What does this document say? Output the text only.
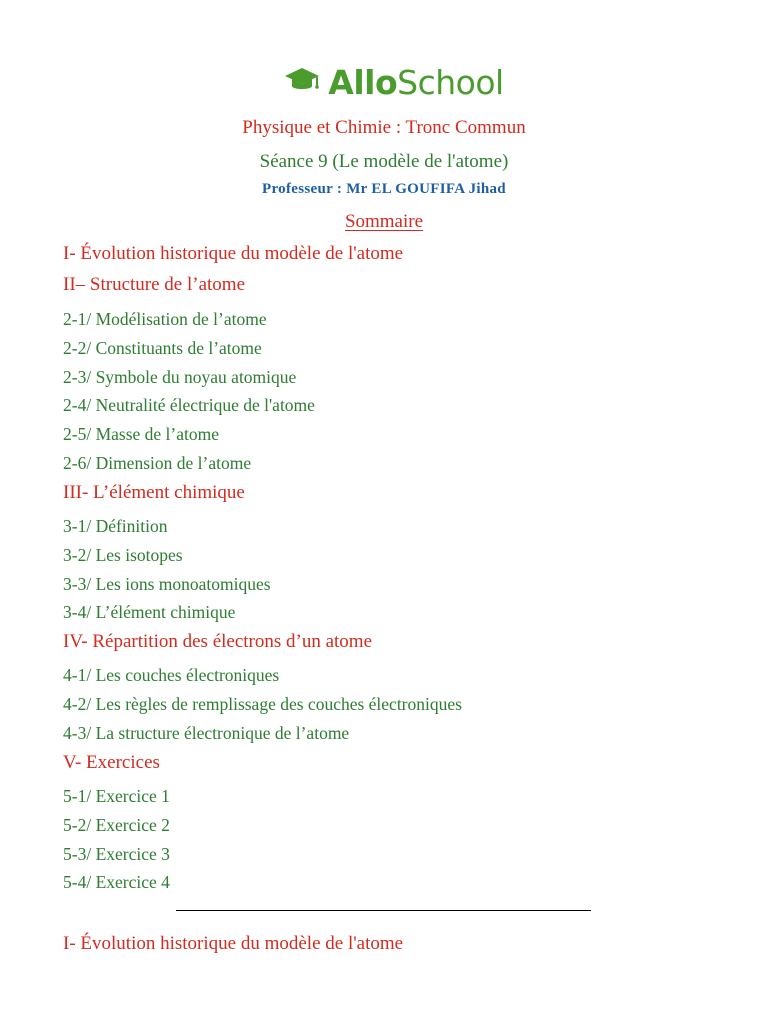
AlloSchool
Physique et Chimie : Tronc Commun
Séance 9 (Le modèle de l'atome)
Professeur : Mr EL GOUFIFA Jihad
Sommaire
I- Évolution historique du modèle de l'atome
II– Structure de l’atome
2-1/ Modélisation de l’atome
2-2/ Constituants de l’atome
2-3/ Symbole du noyau atomique
2-4/ Neutralité électrique de l'atome
2-5/ Masse de l’atome
2-6/ Dimension de l’atome
III- L’élément chimique
3-1/ Définition
3-2/ Les isotopes
3-3/ Les ions monoatomiques
3-4/ L’élément chimique
IV- Répartition des électrons d’un atome
4-1/ Les couches électroniques
4-2/ Les règles de remplissage des couches électroniques
4-3/ La structure électronique de l’atome
V- Exercices
5-1/ Exercice 1
5-2/ Exercice 2
5-3/ Exercice 3
5-4/ Exercice 4
I- Évolution historique du modèle de l'atome
